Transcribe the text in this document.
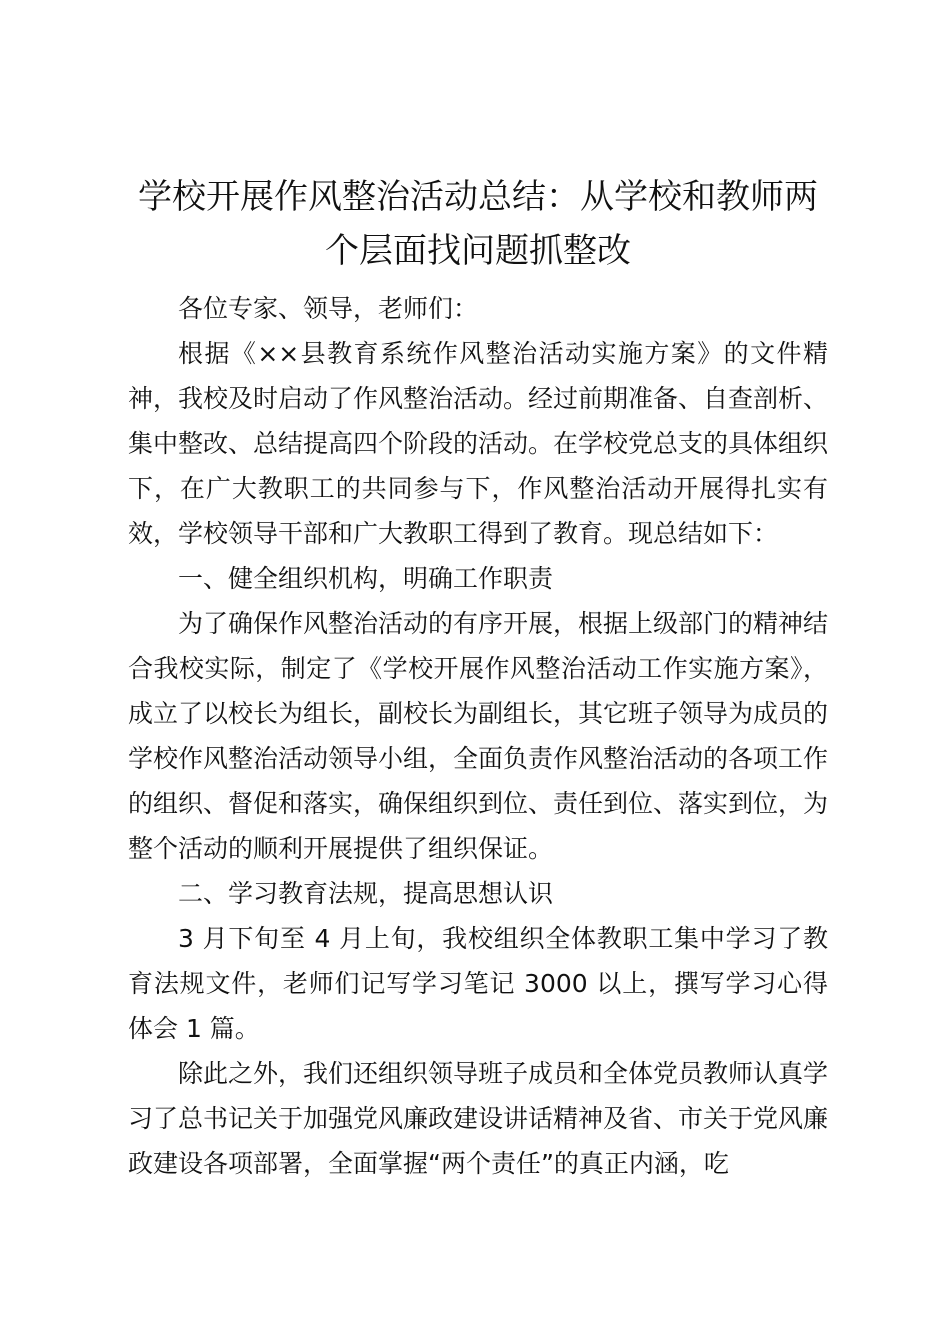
学校开展作风整治活动总结：从学校和教师两
个层面找问题抓整改

各位专家、领导，老师们：

根据《××县教育系统作风整治活动实施方案》的文件精神，我校及时启动了作风整治活动。经过前期准备、自查剖析、集中整改、总结提高四个阶段的活动。在学校党总支的具体组织下，在广大教职工的共同参与下，作风整治活动开展得扎实有效，学校领导干部和广大教职工得到了教育。现总结如下：

一、健全组织机构，明确工作职责

为了确保作风整治活动的有序开展，根据上级部门的精神结合我校实际，制定了《学校开展作风整治活动工作实施方案》，成立了以校长为组长，副校长为副组长，其它班子领导为成员的学校作风整治活动领导小组，全面负责作风整治活动的各项工作的组织、督促和落实，确保组织到位、责任到位、落实到位，为整个活动的顺利开展提供了组织保证。

二、学习教育法规，提高思想认识

3 月下旬至 4 月上旬，我校组织全体教职工集中学习了教育法规文件，老师们记写学习笔记 3000 以上，撰写学习心得体会 1 篇。

除此之外，我们还组织领导班子成员和全体党员教师认真学习了总书记关于加强党风廉政建设讲话精神及省、市关于党风廉政建设各项部署，全面掌握“两个责任”的真正内涵，吃
